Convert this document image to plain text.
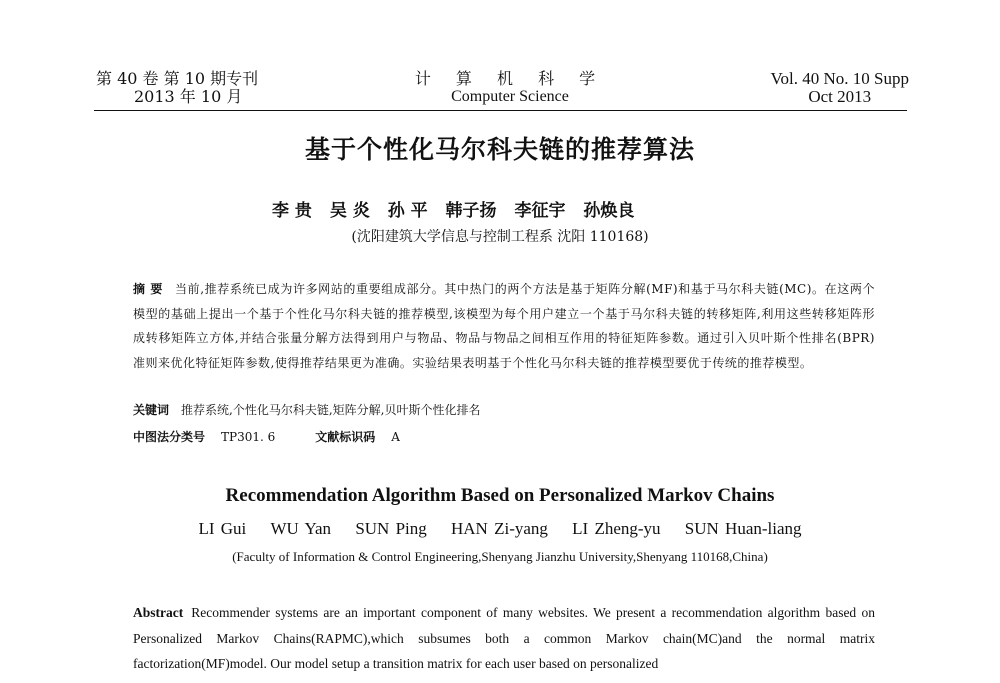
第 40 卷 第 10 期专刊
2013 年 10 月
计 算 机 科 学
Computer Science
Vol. 40 No. 10 Supp
Oct 2013
基于个性化马尔科夫链的推荐算法
李 贵 吴 炎 孙 平 韩子扬 李征宇 孙焕良
(沈阳建筑大学信息与控制工程系 沈阳 110168)
摘 要 当前,推荐系统已成为许多网站的重要组成部分。其中热门的两个方法是基于矩阵分解(MF)和基于马尔科夫链(MC)。在这两个模型的基础上提出一个基于个性化马尔科夫链的推荐模型,该模型为每个用户建立一个基于马尔科夫链的转移矩阵,利用这些转移矩阵形成转移矩阵立方体,并结合张量分解方法得到用户与物品、物品与物品之间相互作用的特征矩阵参数。通过引入贝叶斯个性排名(BPR)准则来优化特征矩阵参数,使得推荐结果更为准确。实验结果表明基于个性化马尔科夫链的推荐模型要优于传统的推荐模型。
关键词 推荐系统,个性化马尔科夫链,矩阵分解,贝叶斯个性化排名
中图法分类号 TP301. 6	文献标识码 A
Recommendation Algorithm Based on Personalized Markov Chains
LI Gui WU Yan SUN Ping HAN Zi-yang LI Zheng-yu SUN Huan-liang
(Faculty of Information & Control Engineering,Shenyang Jianzhu University,Shenyang 110168,China)
Abstract Recommender systems are an important component of many websites. We present a recommendation algorithm based on Personalized Markov Chains(RAPMC),which subsumes both a common Markov chain(MC)and the normal matrix factorization(MF)model. Our model setup a transition matrix for each user based on personalized
